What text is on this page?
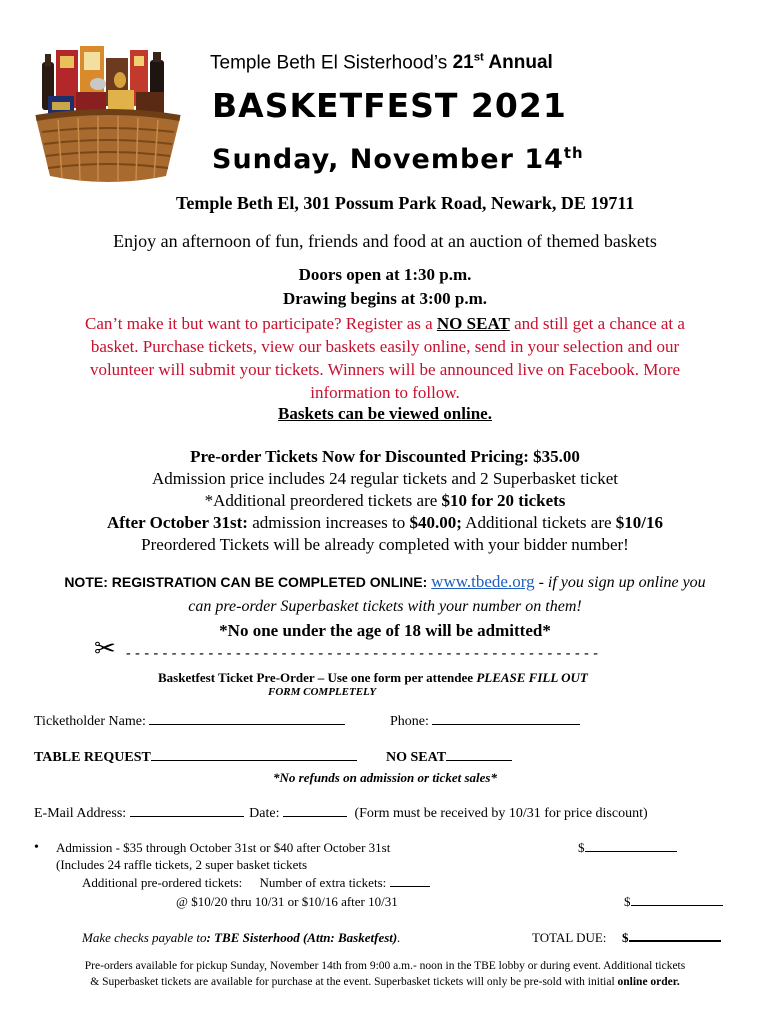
Temple Beth El Sisterhood’s 21st Annual
BASKETFEST 2021
Sunday, November 14th
Temple Beth El, 301 Possum Park Road, Newark, DE 19711
Enjoy an afternoon of fun, friends and food at an auction of themed baskets
Doors open at 1:30 p.m.
Drawing begins at 3:00 p.m.
Can’t make it but want to participate? Register as a NO SEAT and still get a chance at a
basket. Purchase tickets, view our baskets easily online, send in your selection and our
volunteer will submit your tickets. Winners will be announced live on Facebook. More
information to follow.
Baskets can be viewed online.
Pre-order Tickets Now for Discounted Pricing: $35.00
Admission price includes 24 regular tickets and 2 Superbasket ticket
*Additional preordered tickets are $10 for 20 tickets
After October 31st: admission increases to $40.00; Additional tickets are $10/16
Preordered Tickets will be already completed with your bidder number!
NOTE: REGISTRATION CAN BE COMPLETED ONLINE: www.tbede.org - if you sign up online you
can pre-order Superbasket tickets with your number on them!
*No one under the age of 18 will be admitted*
✂ - - - - - - - - - - - - - - - - - - - - - - - - - - - - - - - - - - - - - - - - - - - - - - - - - - - -
Basketfest Ticket Pre-Order – Use one form per attendee PLEASE FILL OUT
FORM COMPLETELY
Ticketholder Name:	Phone:
TABLE REQUEST	NO SEAT
*No refunds on admission or ticket sales*
E-Mail Address:	Date:	(Form must be received by 10/31 for price discount)
• Admission - $35 through October 31st or $40 after October 31st	$
(Includes 24 raffle tickets, 2 super basket tickets
Additional pre-ordered tickets: Number of extra tickets:
@ $10/20 thru 10/31 or $10/16 after 10/31	$
Make checks payable to: TBE Sisterhood (Attn: Basketfest).	TOTAL DUE: $
Pre-orders available for pickup Sunday, November 14th from 9:00 a.m.- noon in the TBE lobby or during event. Additional tickets
& Superbasket tickets are available for purchase at the event. Superbasket tickets will only be pre-sold with initial online order.
